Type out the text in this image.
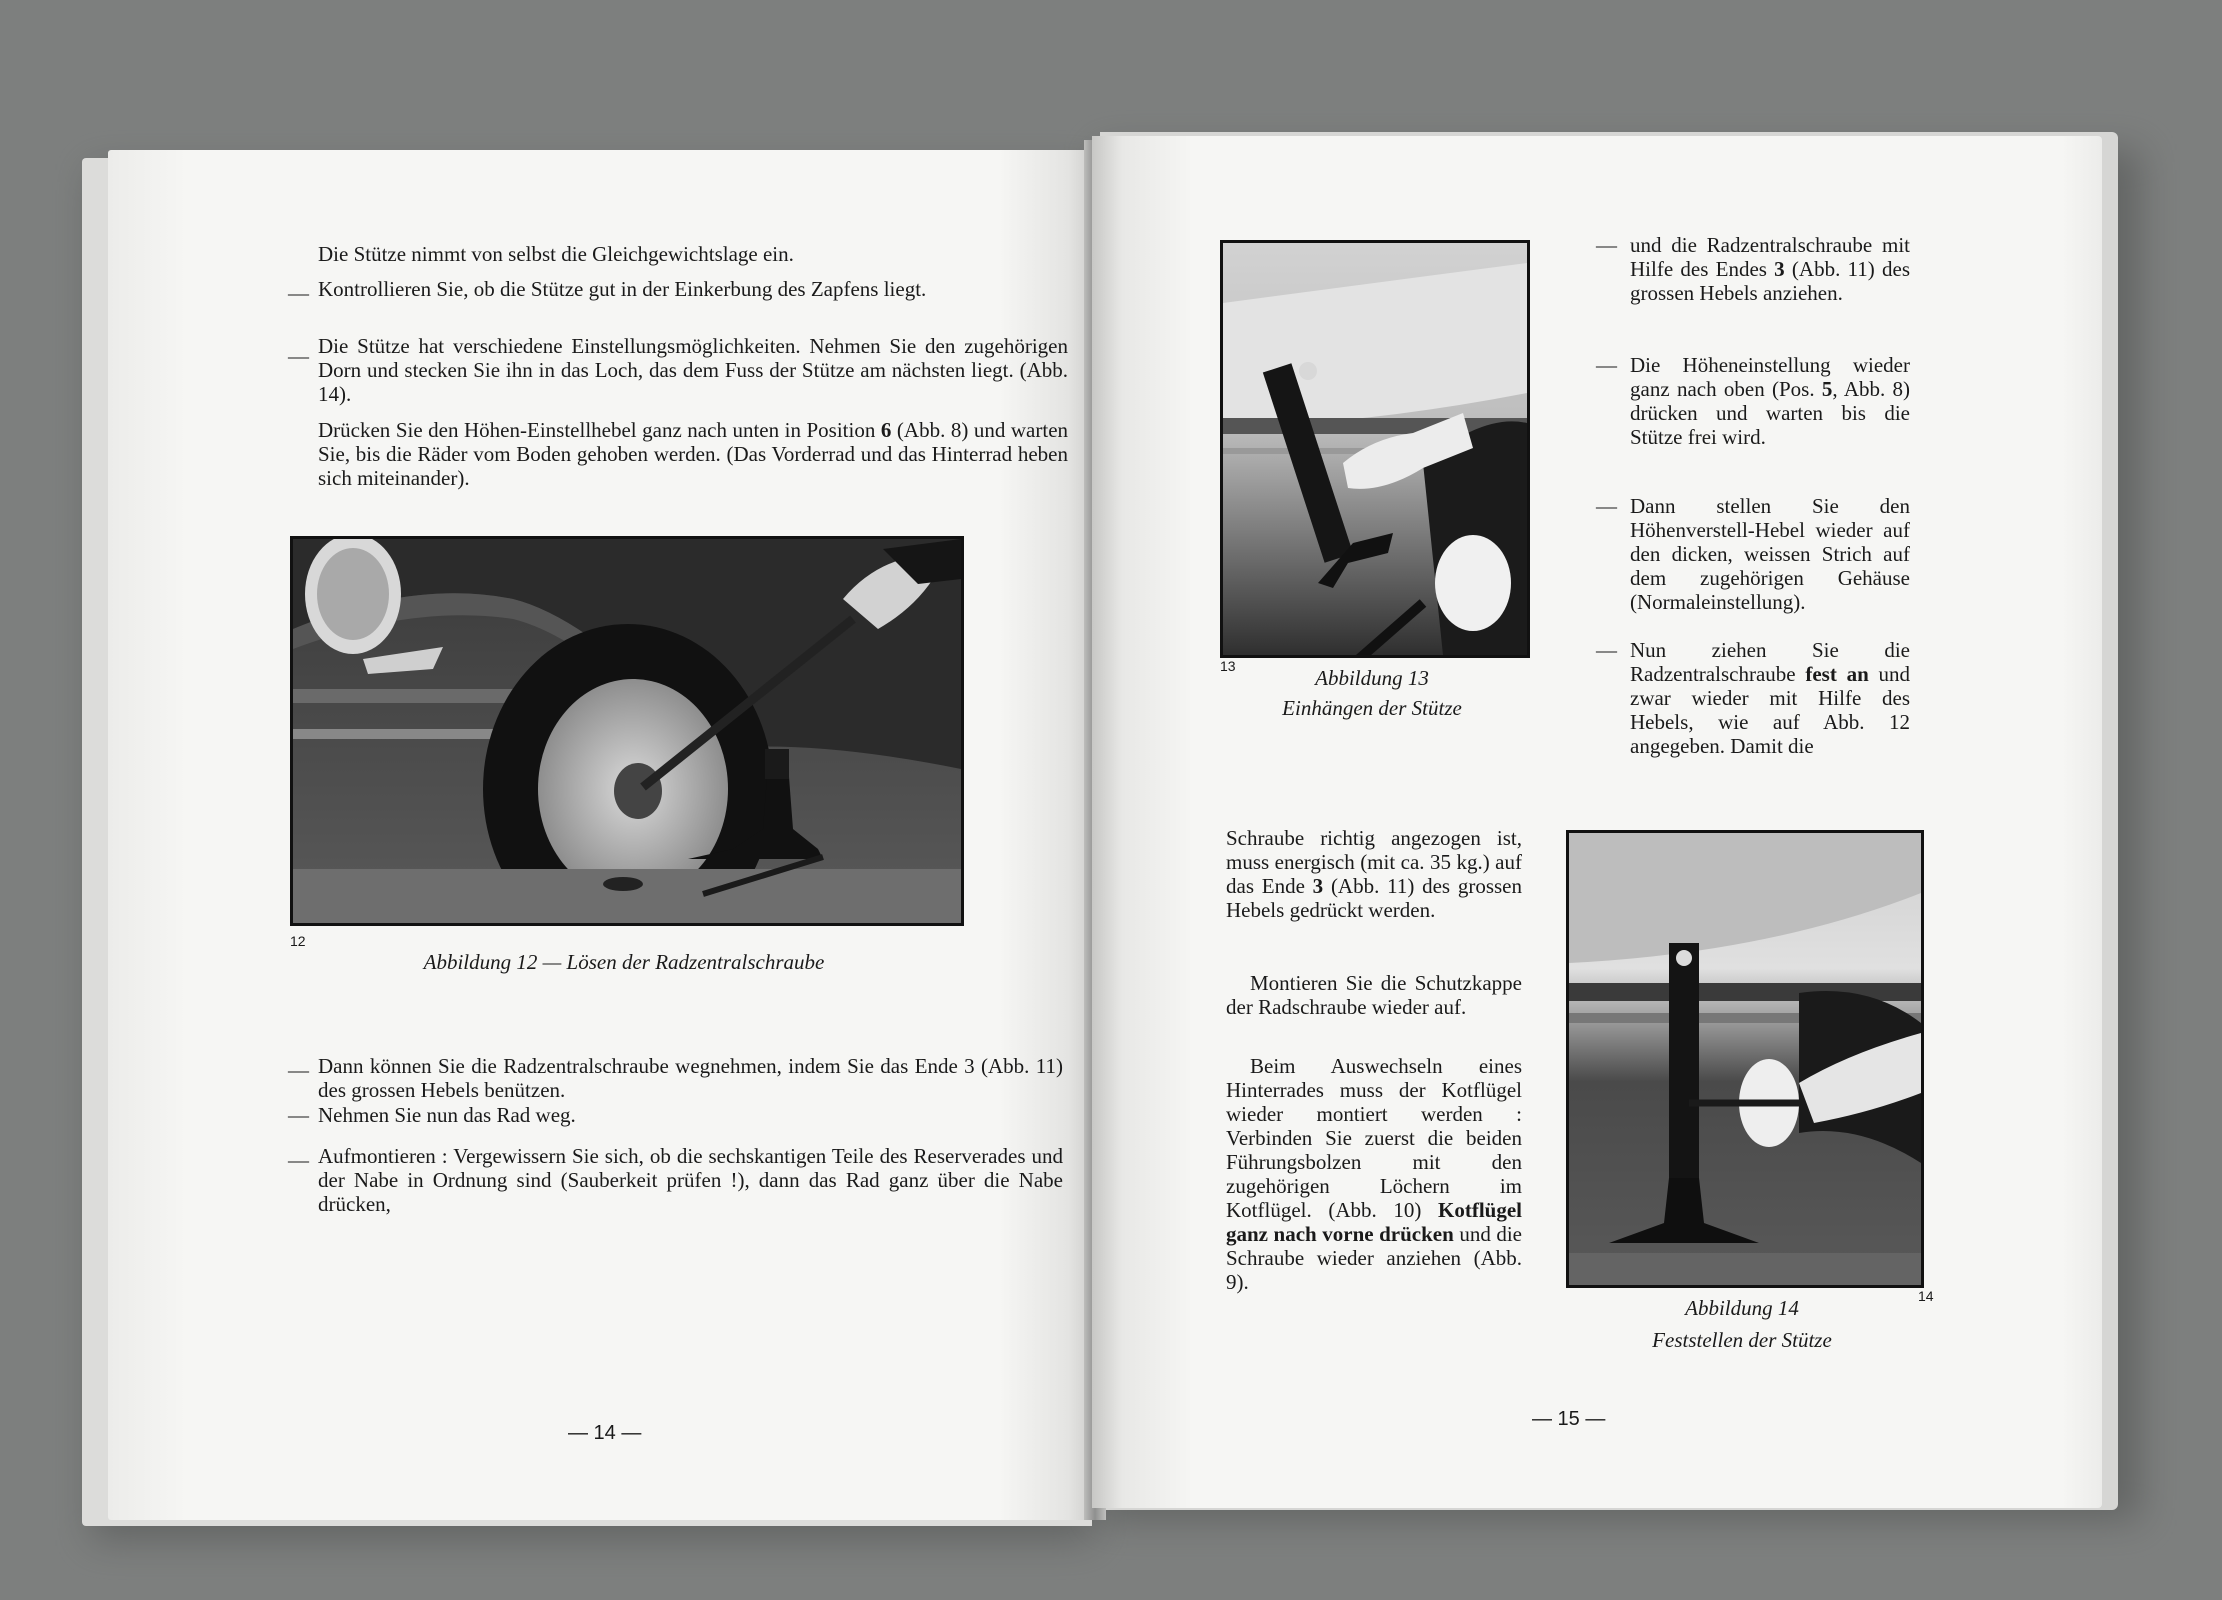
Die Stütze nimmt von selbst die Gleichgewichtslage ein.
— Kontrollieren Sie, ob die Stütze gut in der Einkerbung des Zapfens liegt.
— Die Stütze hat verschiedene Einstellungsmöglichkeiten. Nehmen Sie den zugehörigen Dorn und stecken Sie ihn in das Loch, das dem Fuss der Stütze am nächsten liegt. (Abb. 14).
Drücken Sie den Höhen-Einstellhebel ganz nach unten in Position 6 (Abb. 8) und warten Sie, bis die Räder vom Boden gehoben werden. (Das Vorderrad und das Hinterrad heben sich miteinander).
12
Abbildung 12 — Lösen der Radzentralschraube
— Dann können Sie die Radzentralschraube wegnehmen, indem Sie das Ende 3 (Abb. 11) des grossen Hebels benützen.
— Nehmen Sie nun das Rad weg.
— Aufmontieren : Vergewissern Sie sich, ob die sechskantigen Teile des Reserverades und der Nabe in Ordnung sind (Sauberkeit prüfen !), dann das Rad ganz über die Nabe drücken,
— 14 —
13	Abbildung 13
Einhängen der Stütze
— und die Radzentralschraube mit Hilfe des Endes 3 (Abb. 11) des grossen Hebels anziehen.
— Die Höheneinstellung wieder ganz nach oben (Pos. 5, Abb. 8) drücken und warten bis die Stütze frei wird.
— Dann stellen Sie den Höhenverstell-Hebel wieder auf den dicken, weissen Strich auf dem zugehörigen Gehäuse (Normaleinstellung).
— Nun ziehen Sie die Radzentralschraube fest an und zwar wieder mit Hilfe des Hebels, wie auf Abb. 12 angegeben. Damit die
Schraube richtig angezogen ist, muss energisch (mit ca. 35 kg.) auf das Ende 3 (Abb. 11) des grossen Hebels gedrückt werden.
Montieren Sie die Schutzkappe der Radschraube wieder auf.
Beim Auswechseln eines Hinterrades muss der Kotflügel wieder montiert werden : Verbinden Sie zuerst die beiden Führungsbolzen mit den zugehörigen Löchern im Kotflügel. (Abb. 10) Kotflügel ganz nach vorne drücken und die Schraube wieder anziehen (Abb. 9).
14
Abbildung 14
Feststellen der Stütze
— 15 —
